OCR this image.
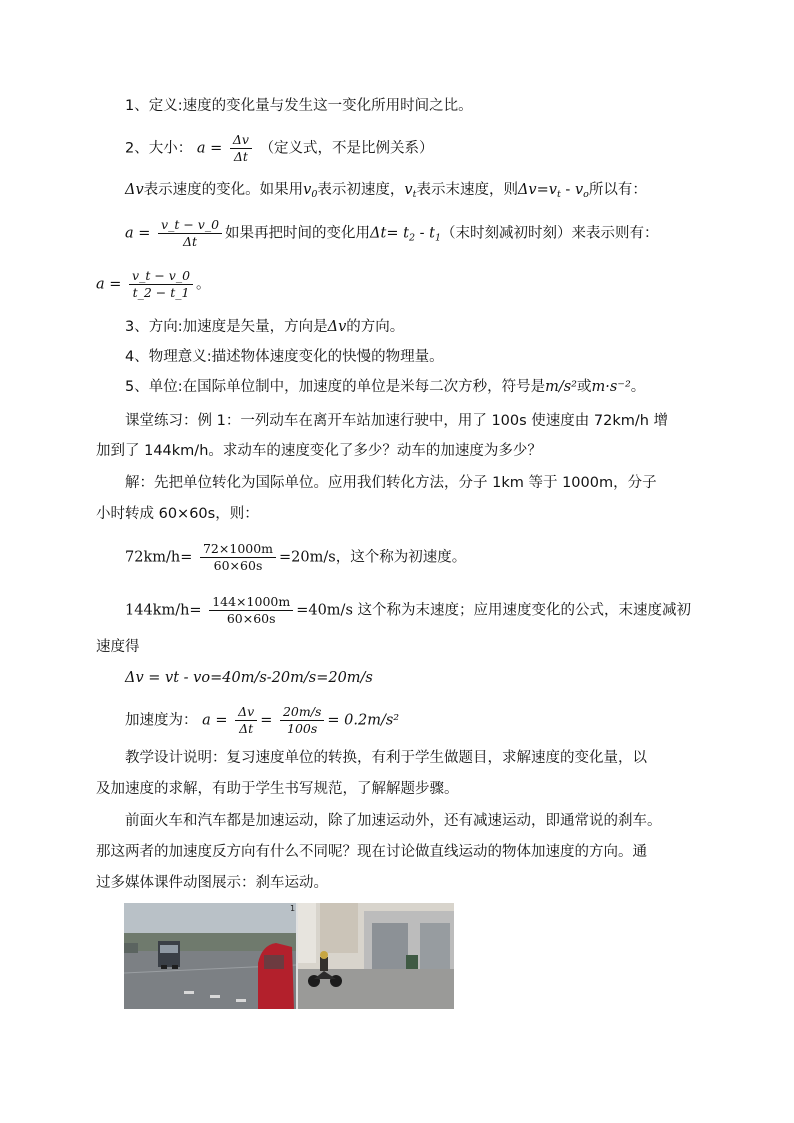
1、定义:速度的变化量与发生这一变化所用时间之比。
2、大小： $a = \frac{\Delta v}{\Delta t}$ （定义式，不是比例关系）
Δv表示速度的变化。如果用$v_0$表示初速度，$v_t$表示末速度，则$\Delta v=v_t - v_o$所以有：
$a = \frac{v\_t - v\_0}{\Delta t}$ 如果再把时间的变化用$\Delta t= t_2 - t_1$（末时刻减初时刻）来表示则有：
$a = \frac{v\_t - v\_0}{t\_2 - t\_1}$ 。
3、方向:加速度是矢量，方向是Δv的方向。
4、物理意义:描述物体速度变化的快慢的物理量。
5、单位:在国际单位制中，加速度的单位是米每二次方秒，符号是m/s²或m·s⁻²。
课堂练习：例 1：一列动车在离开车站加速行驶中，用了 100s 使速度由 72km/h 增
加到了 144km/h。求动车的速度变化了多少？动车的加速度为多少？
解：先把单位转化为国际单位。应用我们转化方法，分子 1km 等于 1000m，分子
小时转成 60×60s，则：
$72km/h= \frac{72\times 1000m}{60\times 60s} =20m/s$，这个称为初速度。
$144km/h= \frac{144\times 1000m}{60\times 60s} =40m/s$ 这个称为末速度；应用速度变化的公式，末速度减初
速度得
Δv = vt - vo=40m/s-20m/s=20m/s
加速度为： $a = \frac{\Delta v}{\Delta t} = \frac{20m/s}{100s} = 0.2m/s^2$
教学设计说明：复习速度单位的转换，有利于学生做题目，求解速度的变化量，以
及加速度的求解，有助于学生书写规范，了解解题步骤。
前面火车和汽车都是加速运动，除了加速运动外，还有减速运动，即通常说的刹车。
那这两者的加速度反方向有什么不同呢？现在讨论做直线运动的物体加速度的方向。通
过多媒体课件动图展示：刹车运动。
1
